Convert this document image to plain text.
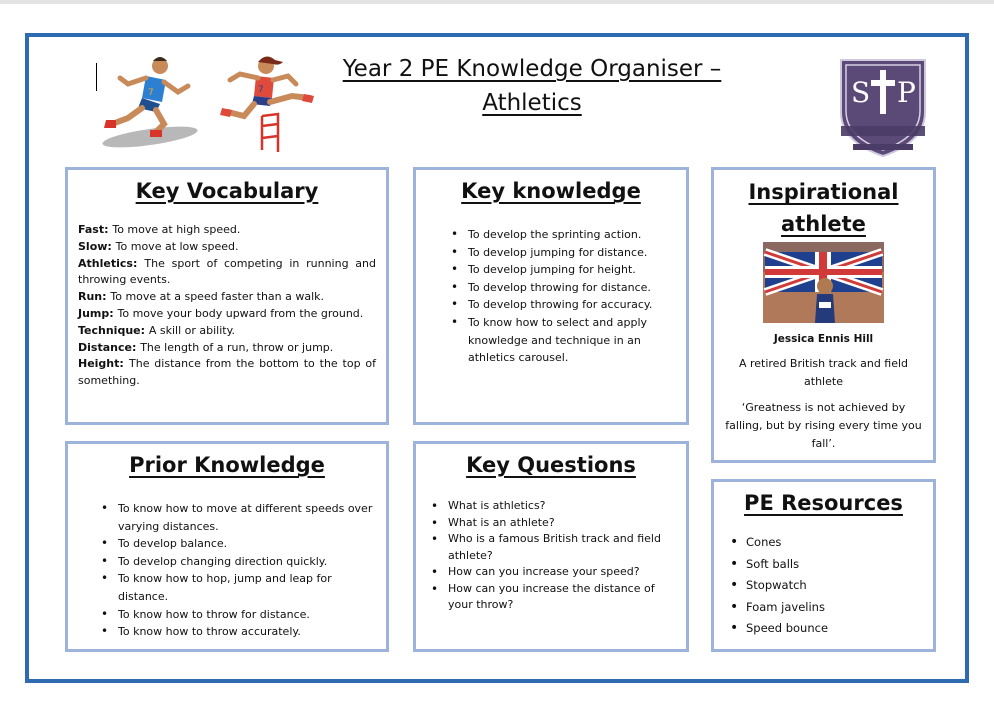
7	7
Year 2 PE Knowledge Organiser –
Athletics	S P
Key Vocabulary

Fast: To move at high speed.

Slow: To move at low speed.

Athletics: The sport of competing in running and throwing events.

Run: To move at a speed faster than a walk.

Jump: To move your body upward from the ground.

Technique: A skill or ability.

Distance: The length of a run, throw or jump.

Height: The distance from the bottom to the top of something.

Key knowledge
• To develop the sprinting action.
• To develop jumping for distance.
• To develop jumping for height.
• To develop throwing for distance.
• To develop throwing for accuracy.
• To know how to select and apply knowledge and technique in an athletics carousel.
Inspirational athlete
Jessica Ennis Hill
A retired British track and field athlete
‘Greatness is not achieved by falling, but by rising every time you fall’.
Prior Knowledge
• To know how to move at different speeds over varying distances.
• To develop balance.
• To develop changing direction quickly.
• To know how to hop, jump and leap for distance.
• To know how to throw for distance.
• To know how to throw accurately.
Key Questions
• What is athletics?
• What is an athlete?
• Who is a famous British track and field athlete?
• How can you increase your speed?
• How can you increase the distance of your throw?
PE Resources
• Cones
• Soft balls
• Stopwatch
• Foam javelins
• Speed bounce
